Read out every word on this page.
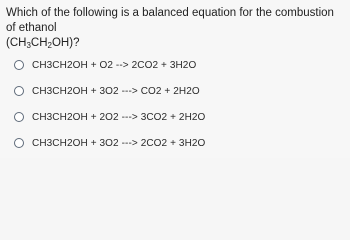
Which of the following is a balanced equation for the combustion of ethanol
$(CH_3CH_2OH)$?
CH3CH2OH + O2 --> 2CO2 + 3H2O
CH3CH2OH + 3O2 ---> CO2 + 2H2O
CH3CH2OH + 2O2 ---> 3CO2 + 2H2O
CH3CH2OH + 3O2 ---> 2CO2 + 3H2O
